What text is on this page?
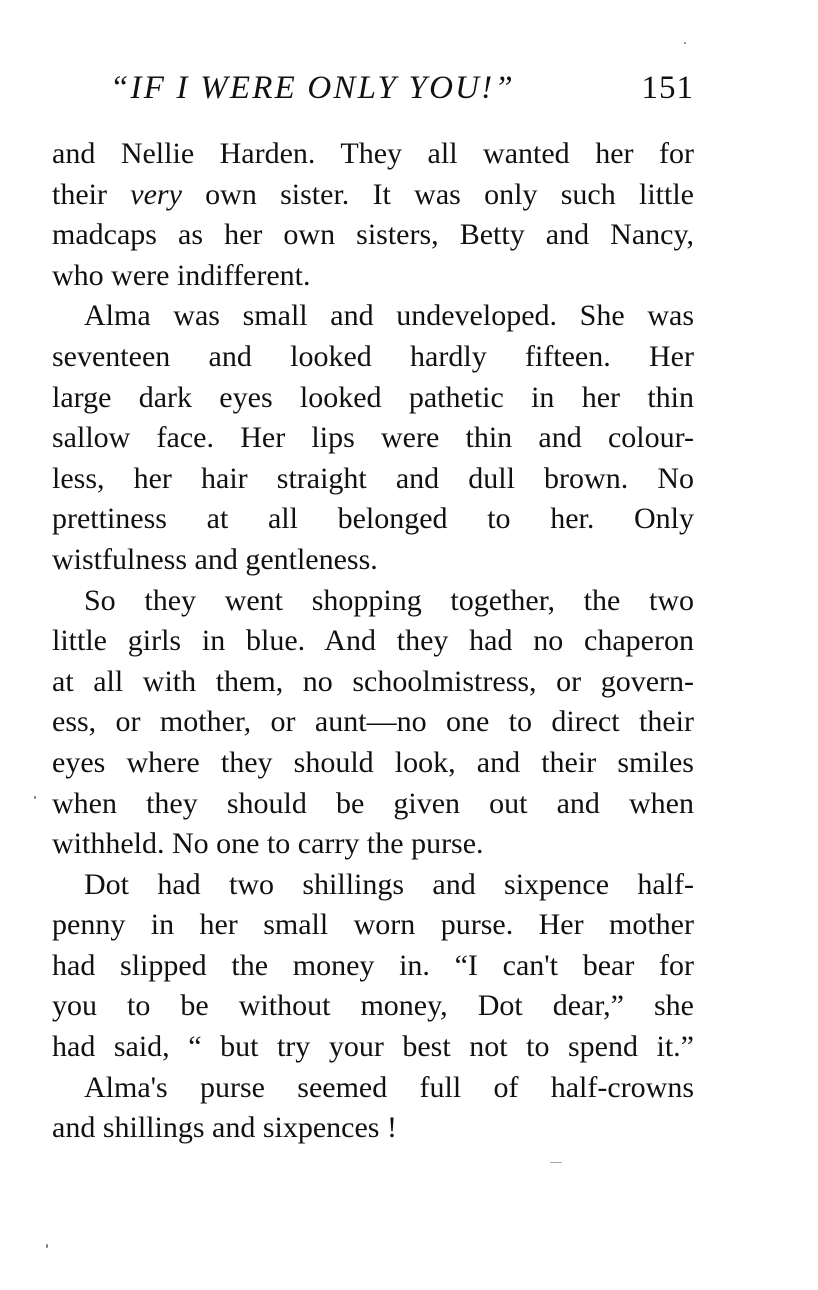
“IF I WERE ONLY YOU!”	151
and Nellie Harden. They all wanted her for
their very own sister. It was only such little
madcaps as her own sisters, Betty and Nancy,
who were indifferent.
Alma was small and undeveloped. She was
seventeen and looked hardly fifteen. Her
large dark eyes looked pathetic in her thin
sallow face. Her lips were thin and colour-
less, her hair straight and dull brown. No
prettiness at all belonged to her. Only
wistfulness and gentleness.
So they went shopping together, the two
little girls in blue. And they had no chaperon
at all with them, no schoolmistress, or govern-
ess, or mother, or aunt—no one to direct their
eyes where they should look, and their smiles
when they should be given out and when
withheld. No one to carry the purse.
Dot had two shillings and sixpence half-
penny in her small worn purse. Her mother
had slipped the money in. “I can't bear for
you to be without money, Dot dear,” she
had said, “ but try your best not to spend it.”
Alma's purse seemed full of half-crowns
and shillings and sixpences !
